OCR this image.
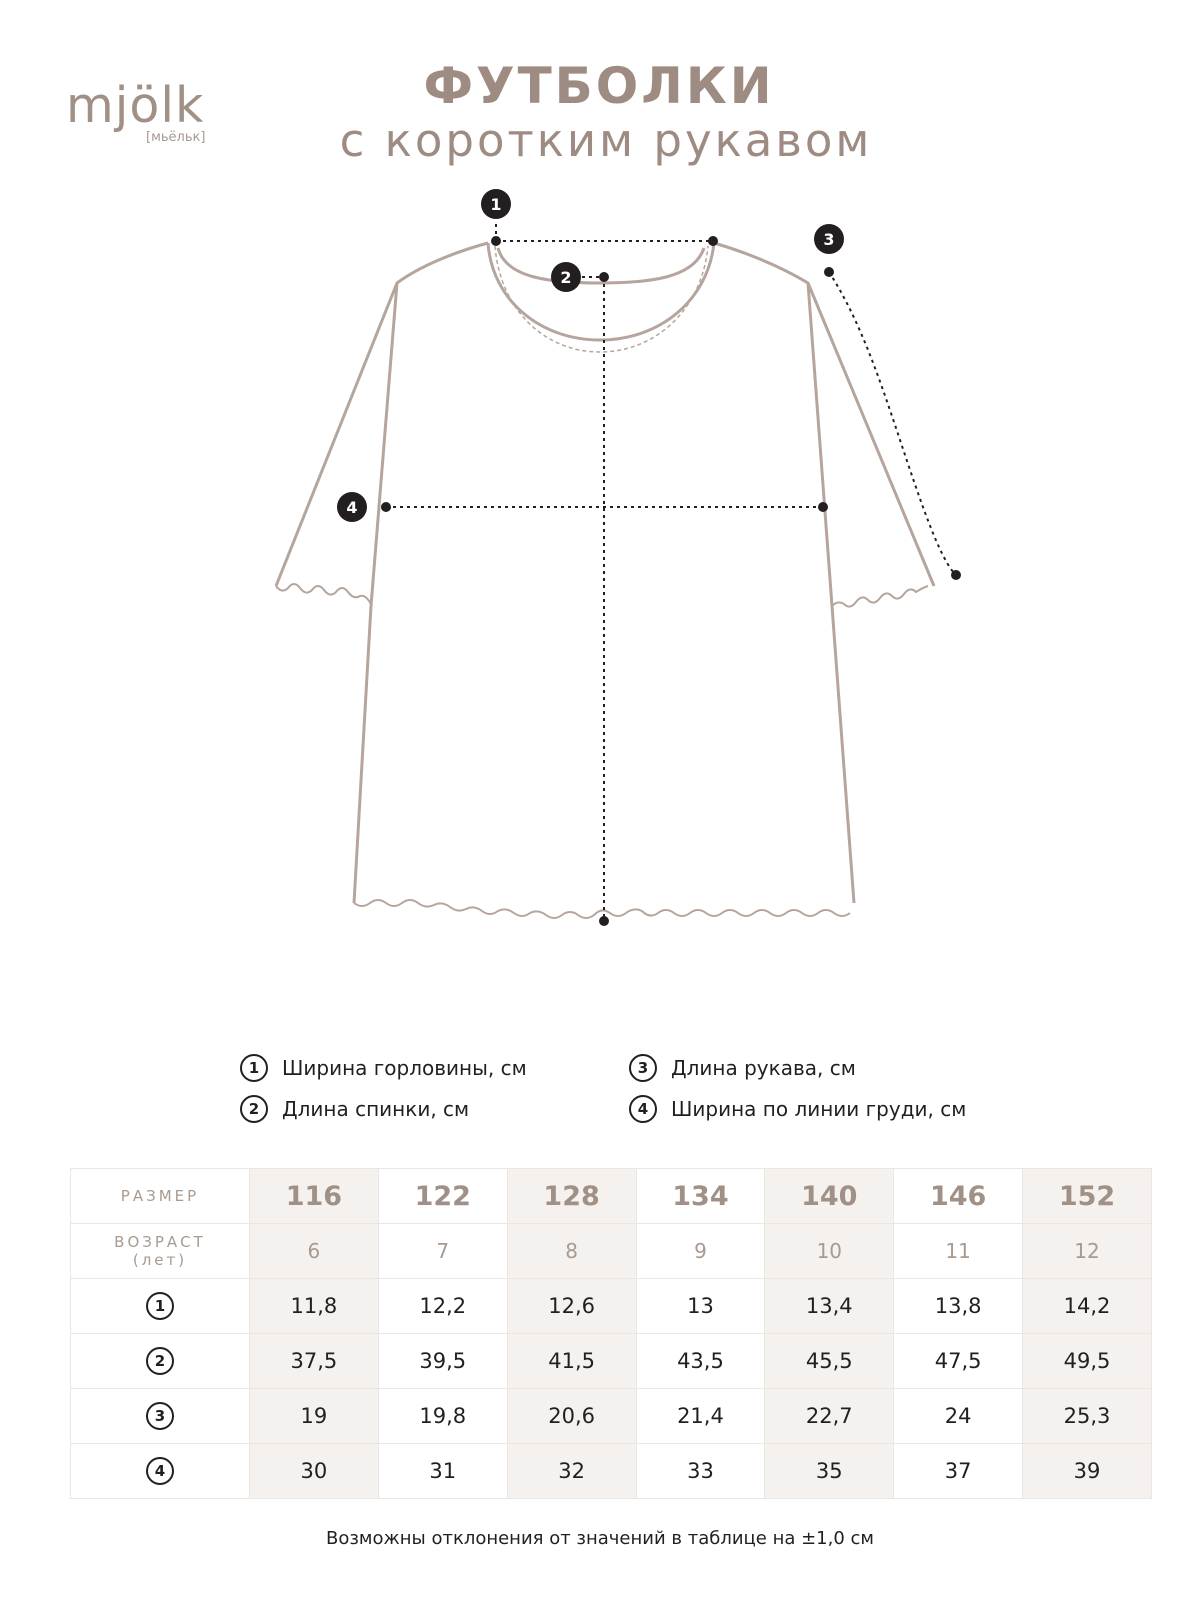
mjölk
[мьёльк]
ФУТБОЛКИ
с коротким рукавом
1
2
3
4
1 Ширина горловины, см
2 Длина спинки, см
3 Длина рукава, см
4 Ширина по линии груди, см
РАЗМЕР	116	122	128	134	140	146	152
ВОЗРАСТ
(лет)	6	7	8	9	10	11	12
1	11,8	12,2	12,6	13	13,4	13,8	14,2
2	37,5	39,5	41,5	43,5	45,5	47,5	49,5
3	19	19,8	20,6	21,4	22,7	24	25,3
4	30	31	32	33	35	37	39
Возможны отклонения от значений в таблице на ±1,0 см
